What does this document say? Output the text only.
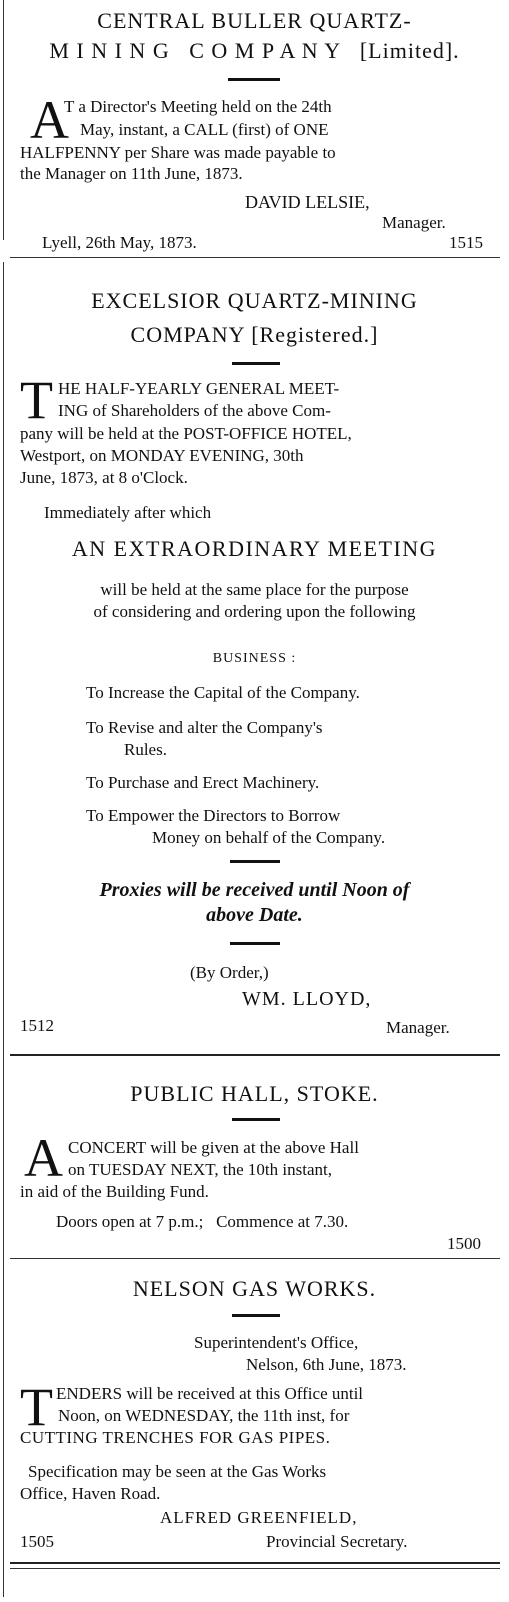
CENTRAL BULLER QUARTZ-
M I N I N G   C O M P A N Y   [Limited].
A
T a Director's Meeting held on the 24th
May, instant, a CALL (first) of ONE
HALFPENNY per Share was made payable to
the Manager on 11th June, 1873.
DAVID LELSIE,
Manager.
Lyell, 26th May, 1873.	1515
EXCELSIOR QUARTZ-MINING
COMPANY [Registered.]
T HE HALF-YEARLY GENERAL MEET-
ING of Shareholders of the above Com-
pany will be held at the POST-OFFICE HOTEL,
Westport, on MONDAY EVENING, 30th
June, 1873, at 8 o'Clock.
Immediately after which
AN EXTRAORDINARY MEETING
will be held at the same place for the purpose
of considering and ordering upon the following
BUSINESS :
To Increase the Capital of the Company.
To Revise and alter the Company's
Rules.
To Purchase and Erect Machinery.
To Empower the Directors to Borrow
Money on behalf of the Company.
Proxies will be received until Noon of
above Date.
(By Order,)
WM. LLOYD,
1512	Manager.
PUBLIC HALL, STOKE.
A CONCERT will be given at the above Hall
on TUESDAY NEXT, the 10th instant,
in aid of the Building Fund.
Doors open at 7 p.m.;   Commence at 7.30.
1500
NELSON GAS WORKS.
Superintendent's Office,
Nelson, 6th June, 1873.
T ENDERS will be received at this Office until
Noon, on WEDNESDAY, the 11th inst, for
CUTTING TRENCHES FOR GAS PIPES.
Specification may be seen at the Gas Works
Office, Haven Road.
ALFRED GREENFIELD,
1505	Provincial Secretary.
